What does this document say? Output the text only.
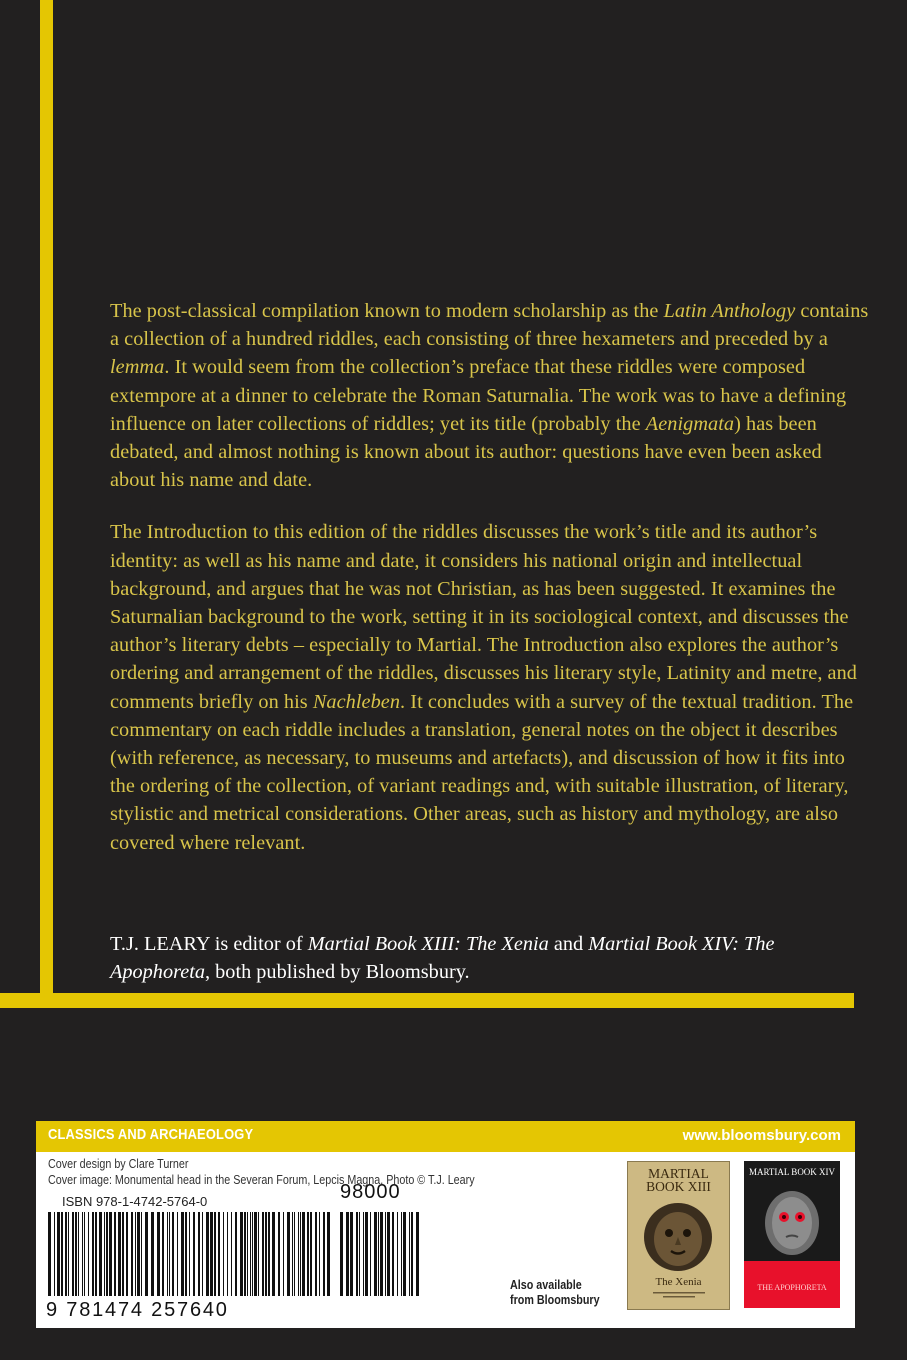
The post-classical compilation known to modern scholarship as the Latin Anthology contains a collection of a hundred riddles, each consisting of three hexameters and preceded by a lemma. It would seem from the collection’s preface that these riddles were composed extempore at a dinner to celebrate the Roman Saturnalia. The work was to have a defining influence on later collections of riddles; yet its title (probably the Aenigmata) has been debated, and almost nothing is known about its author: questions have even been asked about his name and date.

The Introduction to this edition of the riddles discusses the work’s title and its author’s identity: as well as his name and date, it considers his national origin and intellectual background, and argues that he was not Christian, as has been suggested. It examines the Saturnalian background to the work, setting it in its sociological context, and discusses the author’s literary debts – especially to Martial. The Introduction also explores the author’s ordering and arrangement of the riddles, discusses his literary style, Latinity and metre, and comments briefly on his Nachleben. It concludes with a survey of the textual tradition. The commentary on each riddle includes a translation, general notes on the object it describes (with reference, as necessary, to museums and artefacts), and discussion of how it fits into the ordering of the collection, of variant readings and, with suitable illustration, of literary, stylistic and metrical considerations. Other areas, such as history and mythology, are also covered where relevant.

T.J. LEARY is editor of Martial Book XIII: The Xenia and Martial Book XIV: The Apophoreta, both published by Bloomsbury.
CLASSICS AND ARCHAEOLOGY	www.bloomsbury.com
Cover design by Clare Turner
Cover image: Monumental head in the Severan Forum, Lepcis Magna. Photo © T.J. Leary
ISBN 978-1-4742-5764-0
9 781474 257640
98000
Also available
from Bloomsbury
MARTIAL
BOOK XIII
The Xenia
MARTIAL BOOK XIV
THE APOPHORETA
